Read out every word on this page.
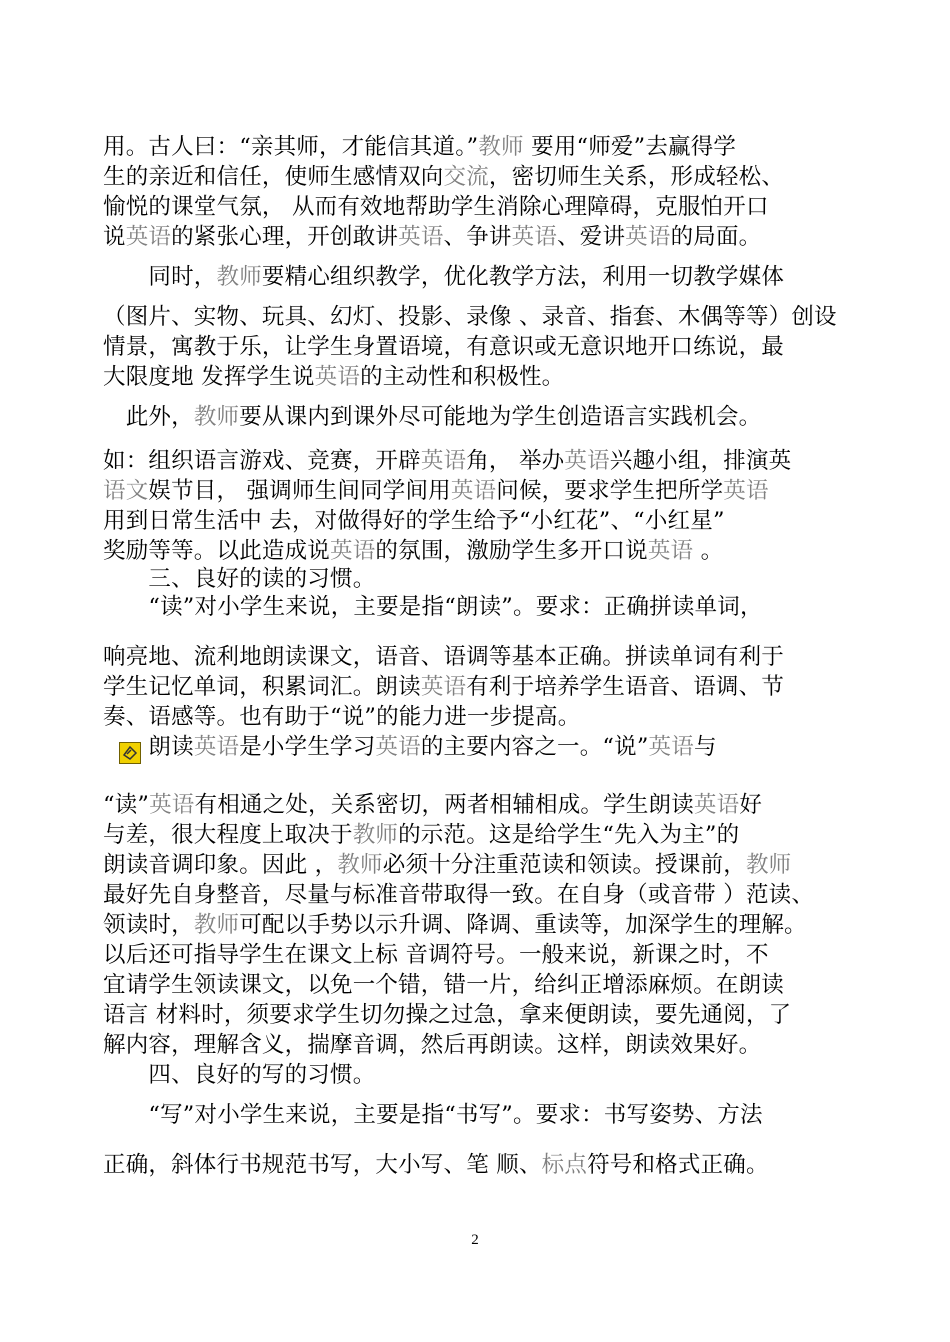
用。古人曰：“亲其师，才能信其道。”教师 要用“师爱”去赢得学
生的亲近和信任，使师生感情双向交流，密切师生关系，形成轻松、
愉悦的课堂气氛， 从而有效地帮助学生消除心理障碍，克服怕开口
说英语的紧张心理，开创敢讲英语、争讲英语、爱讲英语的局面。
　　同时，教师要精心组织教学，优化教学方法，利用一切教学媒体
（图片、实物、玩具、幻灯、投影、录像 、录音、指套、木偶等等）创设
情景，寓教于乐，让学生身置语境，有意识或无意识地开口练说，最
大限度地 发挥学生说英语的主动性和积极性。
　此外，教师要从课内到课外尽可能地为学生创造语言实践机会。
如：组织语言游戏、竞赛，开辟英语角， 举办英语兴趣小组，排演英
语文娱节目， 强调师生间同学间用英语问候，要求学生把所学英语
用到日常生活中 去，对做得好的学生给予“小红花”、“小红星”
奖励等等。以此造成说英语的氛围，激励学生多开口说英语 。
　　三、良好的读的习惯。
　　“读”对小学生来说，主要是指“朗读”。要求：正确拼读单词，
响亮地、流利地朗读课文，语音、语调等基本正确。拼读单词有利于
学生记忆单词，积累词汇。朗读英语有利于培养学生语音、语调、节
奏、语感等。也有助于“说”的能力进一步提高。
　　朗读英语是小学生学习英语的主要内容之一。“说”英语与
“读”英语有相通之处，关系密切，两者相辅相成。学生朗读英语好
与差，很大程度上取决于教师的示范。这是给学生“先入为主”的
朗读音调印象。因此 ，教师必须十分注重范读和领读。授课前，教师
最好先自身整音，尽量与标准音带取得一致。在自身（或音带 ）范读、
领读时，教师可配以手势以示升调、降调、重读等，加深学生的理解。
以后还可指导学生在课文上标 音调符号。一般来说，新课之时，不
宜请学生领读课文，以免一个错，错一片，给纠正增添麻烦。在朗读
语言 材料时，须要求学生切勿操之过急，拿来便朗读，要先通阅，了
解内容，理解含义，揣摩音调，然后再朗读。这样，朗读效果好。
　　四、良好的写的习惯。
　　“写”对小学生来说，主要是指“书写”。要求：书写姿势、方法
正确，斜体行书规范书写，大小写、笔 顺、标点符号和格式正确。
2
